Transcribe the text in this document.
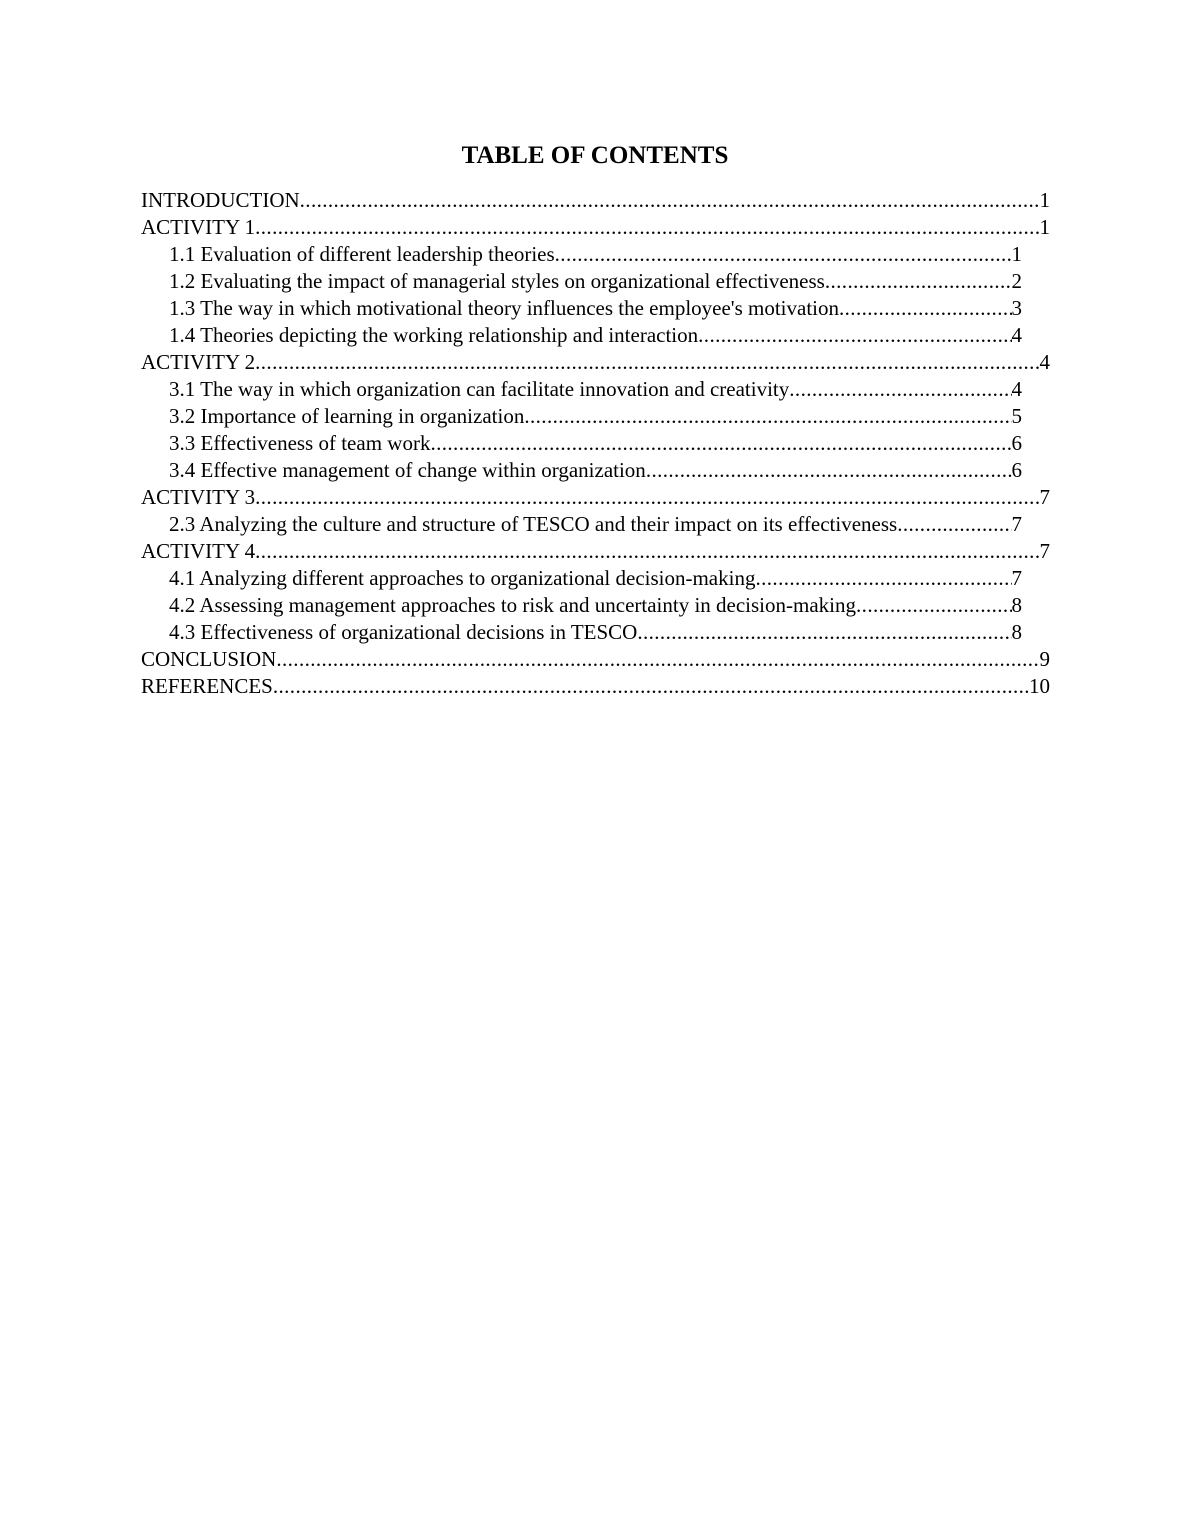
TABLE OF CONTENTS
INTRODUCTION .....	1
ACTIVITY 1 .....	1
1.1 Evaluation of different leadership theories .....	1
1.2 Evaluating the impact of managerial styles on organizational effectiveness .....	2
1.3 The way in which motivational theory influences the employee's motivation .....	3
1.4 Theories depicting the working relationship and interaction .....	4
ACTIVITY 2 .....	4
3.1 The way in which organization can facilitate innovation and creativity .....	4
3.2 Importance of learning in organization .....	5
3.3 Effectiveness of team work .....	6
3.4 Effective management of change within organization .....	6
ACTIVITY 3 .....	7
2.3 Analyzing the culture and structure of TESCO and their impact on its effectiveness .....	7
ACTIVITY 4 .....	7
4.1 Analyzing different approaches to organizational decision-making .....	7
4.2 Assessing management approaches to risk and uncertainty in decision-making .....	8
4.3 Effectiveness of organizational decisions in TESCO .....	8
CONCLUSION .....	9
REFERENCES .....	10
